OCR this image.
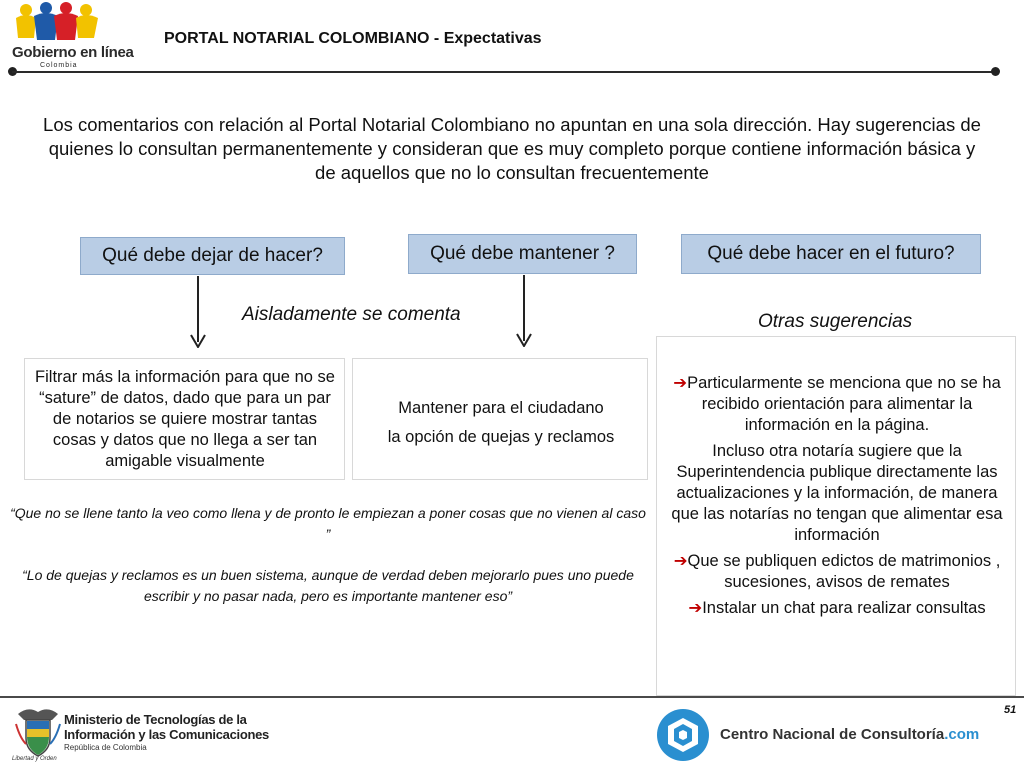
Gobierno en línea
Colombia
PORTAL NOTARIAL COLOMBIANO - Expectativas
Los comentarios con relación al Portal Notarial Colombiano no apuntan en una sola dirección. Hay sugerencias de quienes lo consultan permanentemente y consideran que es muy completo porque contiene información básica y de aquellos que no lo consultan frecuentemente
Qué debe dejar de hacer?	Qué debe mantener ?	Qué debe hacer en el futuro?
Aisladamente se comenta	Otras sugerencias
Filtrar más la información para que no se “sature” de datos, dado que para un par de notarios se quiere mostrar tantas cosas y datos que no llega a ser tan amigable visualmente
Mantener para el ciudadano
la opción de quejas y reclamos

➔Particularmente se menciona que no se ha recibido orientación para alimentar la información en la página.

Incluso otra notaría sugiere que la Superintendencia publique directamente las actualizaciones y la información, de manera que las notarías no tengan que alimentar esa información

➔Que se publiquen edictos de matrimonios , sucesiones, avisos de remates

➔Instalar un chat para realizar consultas

“Que no se llene tanto la veo como llena y de pronto le empiezan a poner cosas que no vienen al caso ”
“Lo de quejas y reclamos es un buen sistema, aunque de verdad deben mejorarlo pues uno puede escribir y no pasar nada, pero es importante mantener eso”
51
Ministerio de Tecnologías de la
Información y las Comunicaciones
República de Colombia
Libertad y Orden
Centro Nacional de Consultoría.com
